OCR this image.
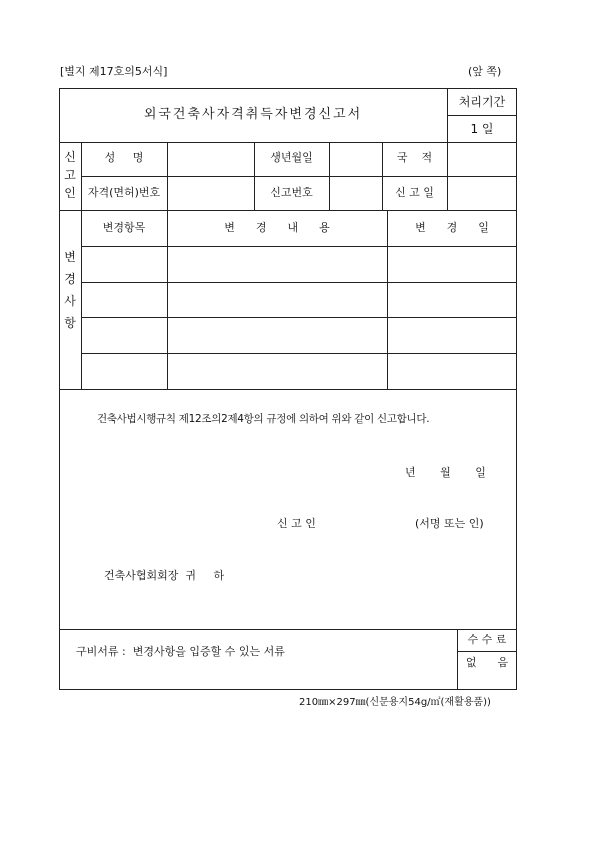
[별지 제17호의5서식]	(앞 쪽)
외국건축사자격취득자변경신고서
처리기간
1 일
신
고
인
성     명	생년월일	국    적
자격(면허)번호	신고번호	신 고 일
변

경

사

항
변경항목	변      경      내      용	변      경      일
건축사법시행규칙 제12조의2제4항의 규정에 의하여 위와 같이 신고합니다.
년       월       일
신 고 인	(서명 또는 인)
건축사협회회장  귀     하
구비서류 :  변경사항을 입증할 수 있는 서류
수 수 료
없      음
210㎜×297㎜(신문용지54g/㎡(재활용품))
